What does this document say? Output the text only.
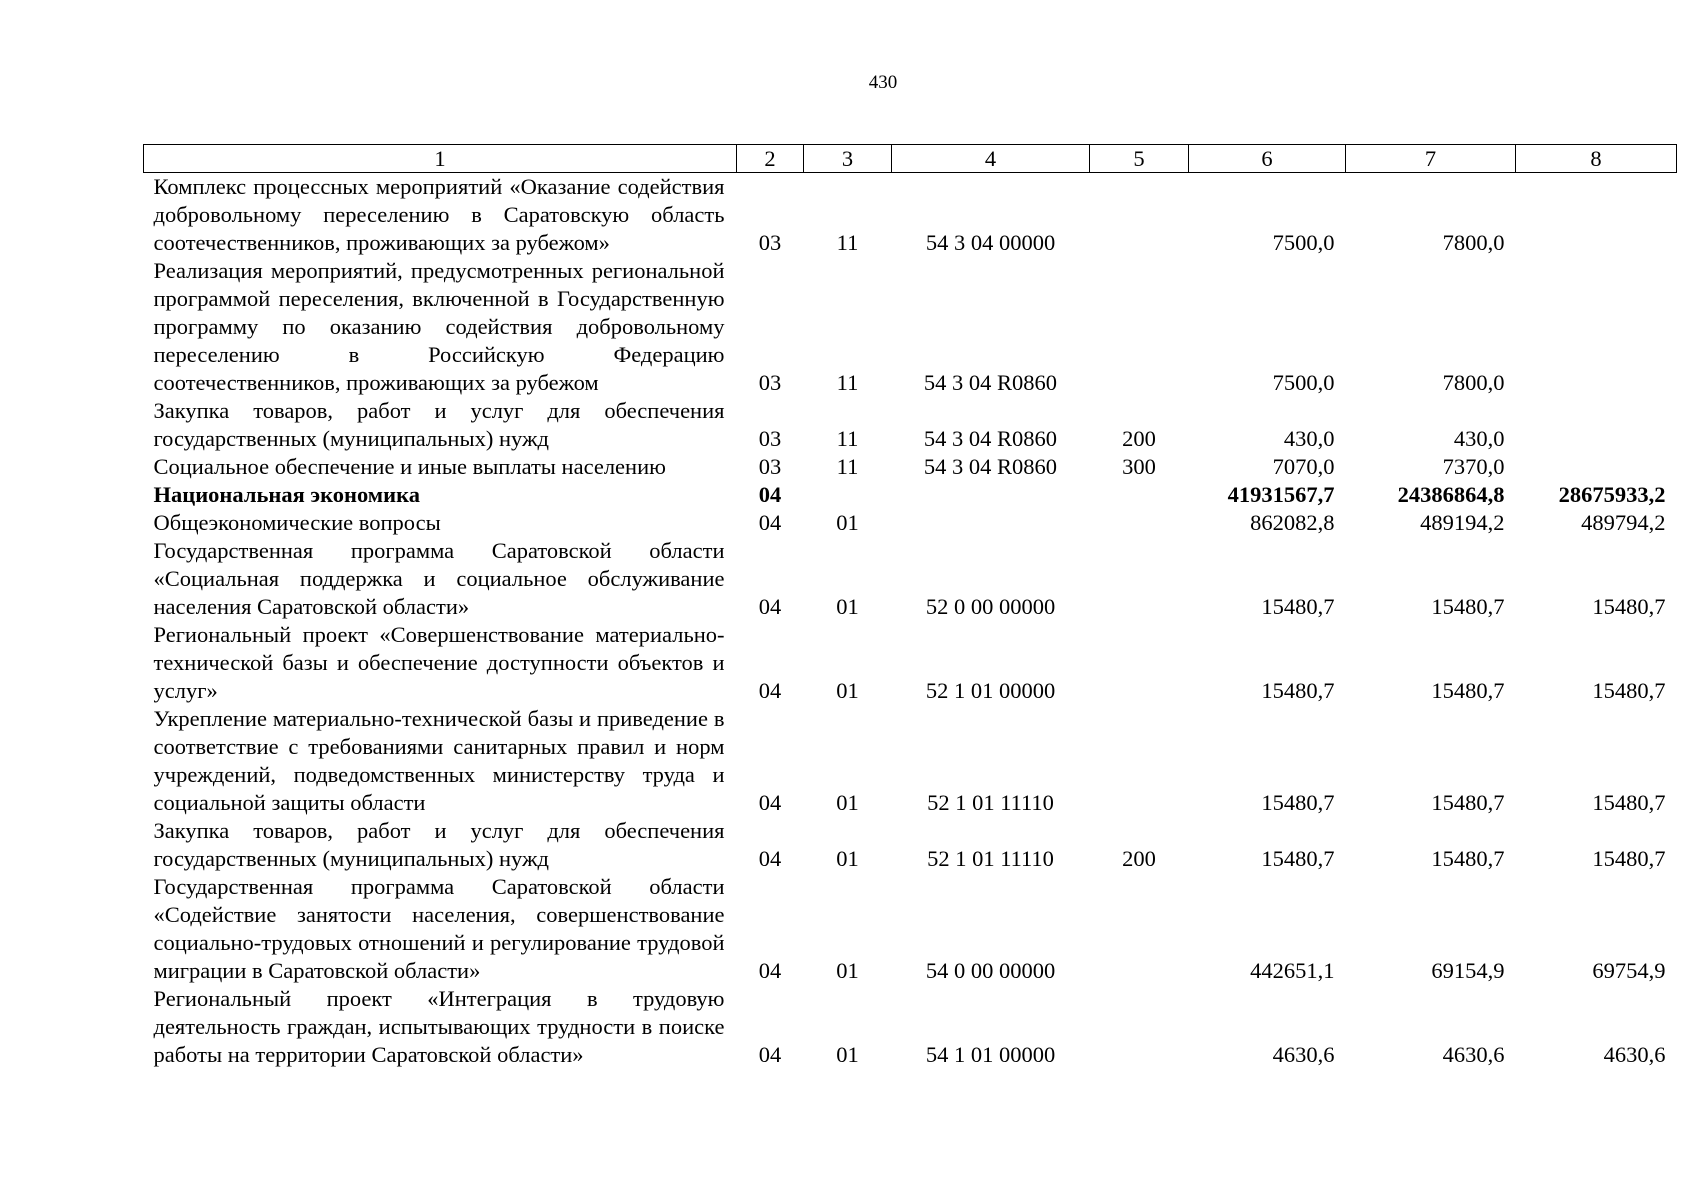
430
1	2	3	4	5	6	7	8
Комплекс процессных мероприятий «Оказание содействия добровольному переселению в Саратовскую область соотечественников, проживающих за рубежом»	03	11	54 3 04 00000		7500,0	7800,0	
Реализация мероприятий, предусмотренных региональной программой переселения, включенной в Государственную программу по оказанию содействия добровольному переселению в Российскую Федерацию соотечественников, проживающих за рубежом	03	11	54 3 04 R0860		7500,0	7800,0	
Закупка товаров, работ и услуг для обеспечения государственных (муниципальных) нужд	03	11	54 3 04 R0860	200	430,0	430,0	
Социальное обеспечение и иные выплаты населению	03	11	54 3 04 R0860	300	7070,0	7370,0	
Национальная экономика	04				41931567,7	24386864,8	28675933,2
Общеэкономические вопросы	04	01			862082,8	489194,2	489794,2
Государственная программа Саратовской области «Социальная поддержка и социальное обслуживание населения Саратовской области»	04	01	52 0 00 00000		15480,7	15480,7	15480,7
Региональный проект «Совершенствование материально-технической базы и обеспечение доступности объектов и услуг»	04	01	52 1 01 00000		15480,7	15480,7	15480,7
Укрепление материально-технической базы и приведение в соответствие с требованиями санитарных правил и норм учреждений, подведомственных министерству труда и социальной защиты области	04	01	52 1 01 11110		15480,7	15480,7	15480,7
Закупка товаров, работ и услуг для обеспечения государственных (муниципальных) нужд	04	01	52 1 01 11110	200	15480,7	15480,7	15480,7
Государственная программа Саратовской области «Содействие занятости населения, совершенствование социально-трудовых отношений и регулирование трудовой миграции в Саратовской области»	04	01	54 0 00 00000		442651,1	69154,9	69754,9
Региональный проект «Интеграция в трудовую деятельность граждан, испытывающих трудности в поиске работы на территории Саратовской области»	04	01	54 1 01 00000		4630,6	4630,6	4630,6
